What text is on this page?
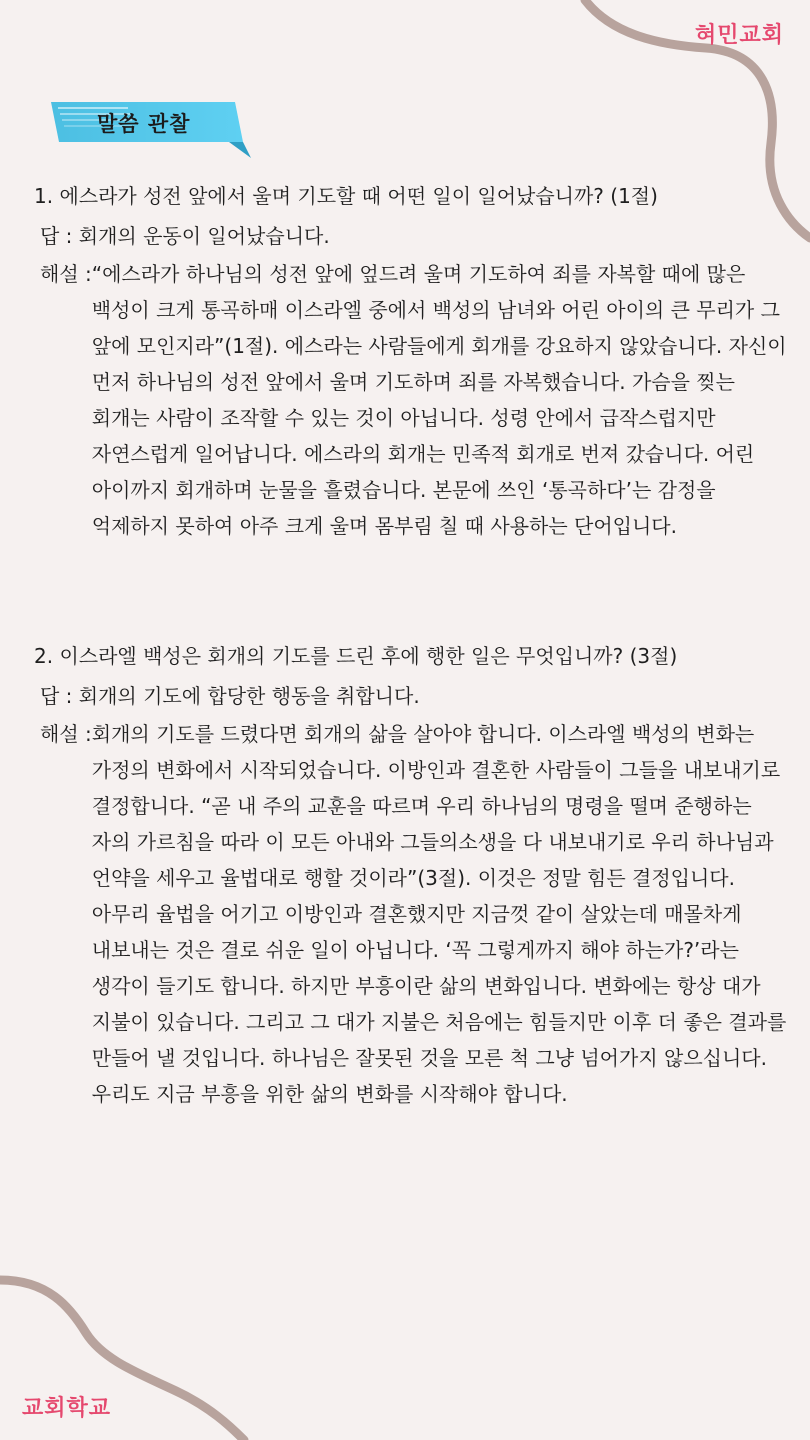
혀민교회
말씀 관찰

1. 에스라가 성전 앞에서 울며 기도할 때 어떤 일이 일어났습니까? (1절)

답 : 회개의 운동이 일어났습니다.

해설 : “에스라가 하나님의 성전 앞에 엎드려 울며 기도하여 죄를 자복할 때에 많은 백성이 크게 통곡하매 이스라엘 중에서 백성의 남녀와 어린 아이의 큰 무리가 그 앞에 모인지라”(1절). 에스라는 사람들에게 회개를 강요하지 않았습니다. 자신이 먼저 하나님의 성전 앞에서 울며 기도하며 죄를 자복했습니다. 가슴을 찢는 회개는 사람이 조작할 수 있는 것이 아닙니다. 성령 안에서 급작스럽지만 자연스럽게 일어납니다. 에스라의 회개는 민족적 회개로 번져 갔습니다. 어린 아이까지 회개하며 눈물을 흘렸습니다. 본문에 쓰인 ‘통곡하다’는 감정을 억제하지 못하여 아주 크게 울며 몸부림 칠 때 사용하는 단어입니다.

2. 이스라엘 백성은 회개의 기도를 드린 후에 행한 일은 무엇입니까? (3절)

답 : 회개의 기도에 합당한 행동을 취합니다.

해설 : 회개의 기도를 드렸다면 회개의 삶을 살아야 합니다. 이스라엘 백성의 변화는 가정의 변화에서 시작되었습니다. 이방인과 결혼한 사람들이 그들을 내보내기로 결정합니다. “곧 내 주의 교훈을 따르며 우리 하나님의 명령을 떨며 준행하는 자의 가르침을 따라 이 모든 아내와 그들의소생을 다 내보내기로 우리 하나님과 언약을 세우고 율법대로 행할 것이라”(3절). 이것은 정말 힘든 결정입니다. 아무리 율법을 어기고 이방인과 결혼했지만 지금껏 같이 살았는데 매몰차게 내보내는 것은 결로 쉬운 일이 아닙니다. ‘꼭 그렇게까지 해야 하는가?’라는 생각이 들기도 합니다. 하지만 부흥이란 삶의 변화입니다. 변화에는 항상 대가 지불이 있습니다. 그리고 그 대가 지불은 처음에는 힘들지만 이후 더 좋은 결과를 만들어 낼 것입니다. 하나님은 잘못된 것을 모른 척 그냥 넘어가지 않으십니다. 우리도 지금 부흥을 위한 삶의 변화를 시작해야 합니다.
교회학교
